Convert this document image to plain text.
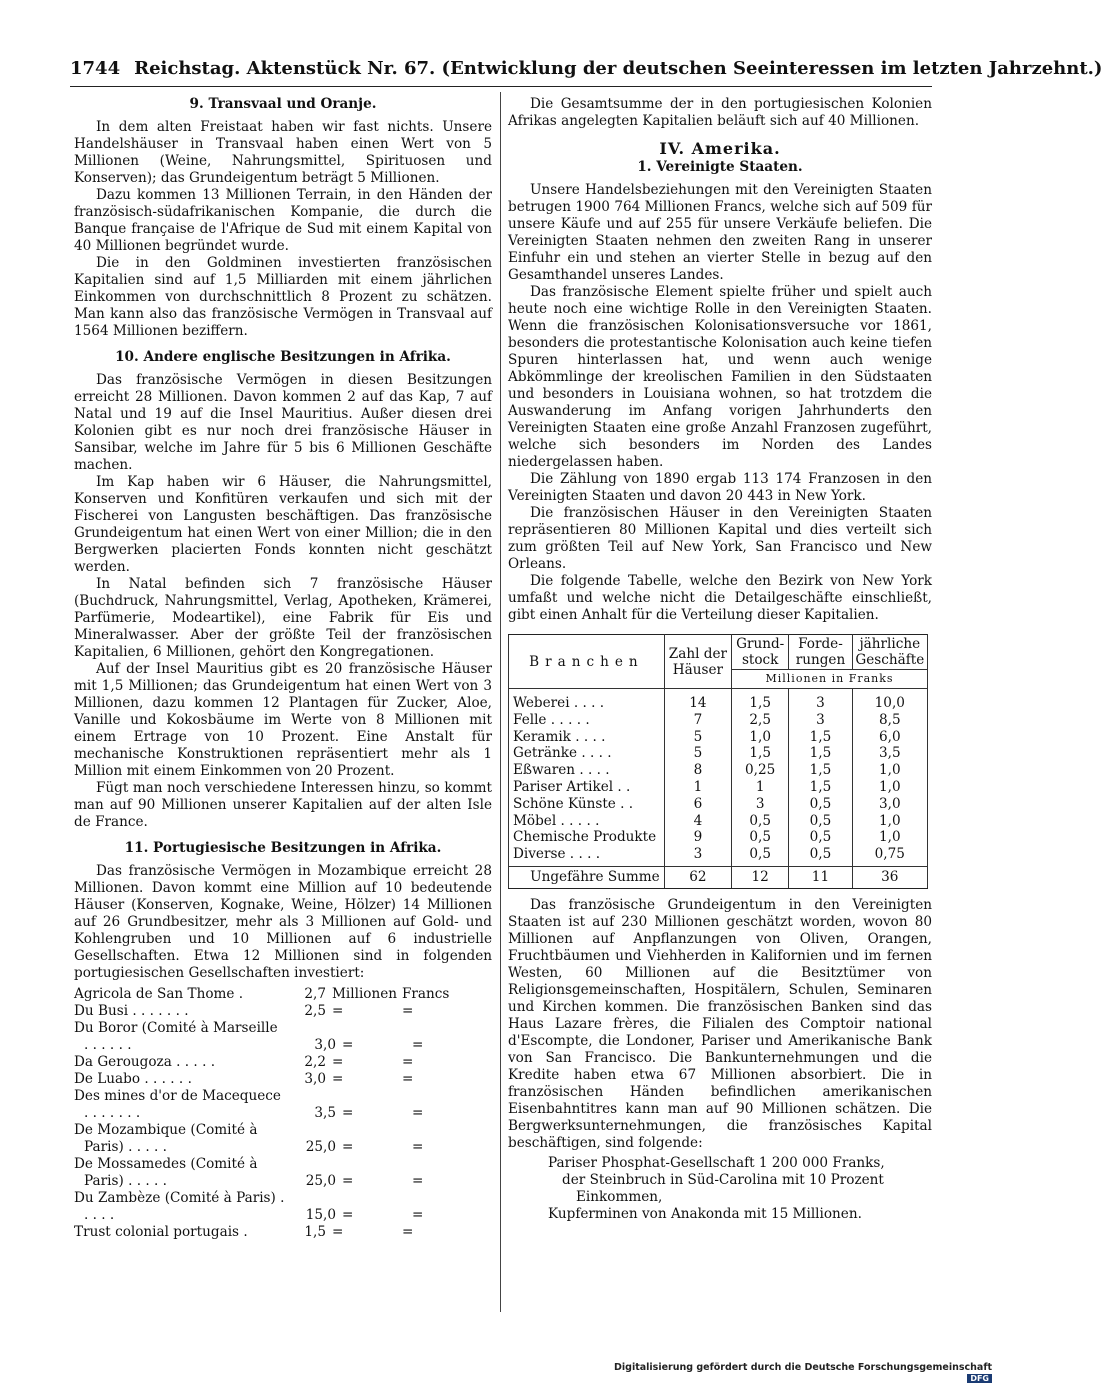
1744 Reichstag. Aktenstück Nr. 67. (Entwicklung der deutschen Seeinteressen im letzten Jahrzehnt.)
9. Transvaal und Oranje.

In dem alten Freistaat haben wir fast nichts. Unsere Handelshäuser in Transvaal haben einen Wert von 5 Millionen (Weine, Nahrungsmittel, Spirituosen und Konserven); das Grundeigentum beträgt 5 Millionen.

Dazu kommen 13 Millionen Terrain, in den Händen der französisch-südafrikanischen Kompanie, die durch die Banque française de l'Afrique de Sud mit einem Kapital von 40 Millionen begründet wurde.

Die in den Goldminen investierten französischen Kapitalien sind auf 1,5 Milliarden mit einem jährlichen Einkommen von durchschnittlich 8 Prozent zu schätzen. Man kann also das französische Vermögen in Transvaal auf 1564 Millionen beziffern.

10. Andere englische Besitzungen in Afrika.

Das französische Vermögen in diesen Besitzungen erreicht 28 Millionen. Davon kommen 2 auf das Kap, 7 auf Natal und 19 auf die Insel Mauritius. Außer diesen drei Kolonien gibt es nur noch drei französische Häuser in Sansibar, welche im Jahre für 5 bis 6 Millionen Geschäfte machen.

Im Kap haben wir 6 Häuser, die Nahrungsmittel, Konserven und Konfitüren verkaufen und sich mit der Fischerei von Langusten beschäftigen. Das französische Grundeigentum hat einen Wert von einer Million; die in den Bergwerken placierten Fonds konnten nicht geschätzt werden.

In Natal befinden sich 7 französische Häuser (Buchdruck, Nahrungsmittel, Verlag, Apotheken, Krämerei, Parfümerie, Modeartikel), eine Fabrik für Eis und Mineralwasser. Aber der größte Teil der französischen Kapitalien, 6 Millionen, gehört den Kongregationen.

Auf der Insel Mauritius gibt es 20 französische Häuser mit 1,5 Millionen; das Grundeigentum hat einen Wert von 3 Millionen, dazu kommen 12 Plantagen für Zucker, Aloe, Vanille und Kokosbäume im Werte von 8 Millionen mit einem Ertrage von 10 Prozent. Eine Anstalt für mechanische Konstruktionen repräsentiert mehr als 1 Million mit einem Einkommen von 20 Prozent.

Fügt man noch verschiedene Interessen hinzu, so kommt man auf 90 Millionen unserer Kapitalien auf der alten Isle de France.

11. Portugiesische Besitzungen in Afrika.

Das französische Vermögen in Mozambique erreicht 28 Millionen. Davon kommt eine Million auf 10 bedeutende Häuser (Konserven, Kognake, Weine, Hölzer) 14 Millionen auf 26 Grundbesitzer, mehr als 3 Millionen auf Gold- und Kohlengruben und 10 Millionen auf 6 industrielle Gesellschaften. Etwa 12 Millionen sind in folgenden portugiesischen Gesellschaften investiert:

Agricola de San Thome .	2,7 Millionen Francs
Du Busi . . . . . . .	2,5 =	=
Du Boror (Comité à Marseille . . . . . .	3,0 =	=
Da Gerougoza . . . . .	2,2 =	=
De Luabo . . . . . .	3,0 =	=
Des mines d'or de Macequece . . . . . . .	3,5 =	=
De Mozambique (Comité à Paris) . . . . .	25,0 =	=
De Mossamedes (Comité à Paris) . . . . .	25,0 =	=
Du Zambèze (Comité à Paris) . . . . .	15,0 =	=
Trust colonial portugais .	1,5 =	=

Die Gesamtsumme der in den portugiesischen Kolonien Afrikas angelegten Kapitalien beläuft sich auf 40 Millionen.

IV. Amerika.
1. Vereinigte Staaten.

Unsere Handelsbeziehungen mit den Vereinigten Staaten betrugen 1900 764 Millionen Francs, welche sich auf 509 für unsere Käufe und auf 255 für unsere Verkäufe beliefen. Die Vereinigten Staaten nehmen den zweiten Rang in unserer Einfuhr ein und stehen an vierter Stelle in bezug auf den Gesamthandel unseres Landes.

Das französische Element spielte früher und spielt auch heute noch eine wichtige Rolle in den Vereinigten Staaten. Wenn die französischen Kolonisationsversuche vor 1861, besonders die protestantische Kolonisation auch keine tiefen Spuren hinterlassen hat, und wenn auch wenige Abkömmlinge der kreolischen Familien in den Südstaaten und besonders in Louisiana wohnen, so hat trotzdem die Auswanderung im Anfang vorigen Jahrhunderts den Vereinigten Staaten eine große Anzahl Franzosen zugeführt, welche sich besonders im Norden des Landes niedergelassen haben.

Die Zählung von 1890 ergab 113 174 Franzosen in den Vereinigten Staaten und davon 20 443 in New York.

Die französischen Häuser in den Vereinigten Staaten repräsentieren 80 Millionen Kapital und dies verteilt sich zum größten Teil auf New York, San Francisco und New Orleans.

Die folgende Tabelle, welche den Bezirk von New York umfaßt und welche nicht die Detailgeschäfte einschließt, gibt einen Anhalt für die Verteilung dieser Kapitalien.

Branchen	Zahl der Häuser	Grund- stock	Forde- rungen	jährliche Geschäfte
		Millionen in Franks		
Weberei . . . .	14	1,5	3	10,0
Felle . . . . .	7	2,5	3	8,5
Keramik . . . .	5	1,0	1,5	6,0
Getränke . . . .	5	1,5	1,5	3,5
Eßwaren . . . .	8	0,25	1,5	1,0
Pariser Artikel . .	1	1	1,5	1,0
Schöne Künste . .	6	3	0,5	3,0
Möbel . . . . .	4	0,5	0,5	1,0
Chemische Produkte	9	0,5	0,5	1,0
Diverse . . . .	3	0,5	0,5	0,75
Ungefähre Summe	62	12	11	36

Das französische Grundeigentum in den Vereinigten Staaten ist auf 230 Millionen geschätzt worden, wovon 80 Millionen auf Anpflanzungen von Oliven, Orangen, Fruchtbäumen und Viehherden in Kalifornien und im fernen Westen, 60 Millionen auf die Besitztümer von Religionsgemeinschaften, Hospitälern, Schulen, Seminaren und Kirchen kommen. Die französischen Banken sind das Haus Lazare frères, die Filialen des Comptoir national d'Escompte, die Londoner, Pariser und Amerikanische Bank von San Francisco. Die Bankunternehmungen und die Kredite haben etwa 67 Millionen absorbiert. Die in französischen Händen befindlichen amerikanischen Eisenbahntitres kann man auf 90 Millionen schätzen. Die Bergwerksunternehmungen, die französisches Kapital beschäftigen, sind folgende:

Pariser Phosphat-Gesellschaft 1 200 000 Franks,
der Steinbruch in Süd-Carolina mit 10 Prozent
Einkommen,
Kupferminen von Anakonda mit 15 Millionen.
Digitalisierung gefördert durch die Deutsche ForschungsgemeinschaftDFG
